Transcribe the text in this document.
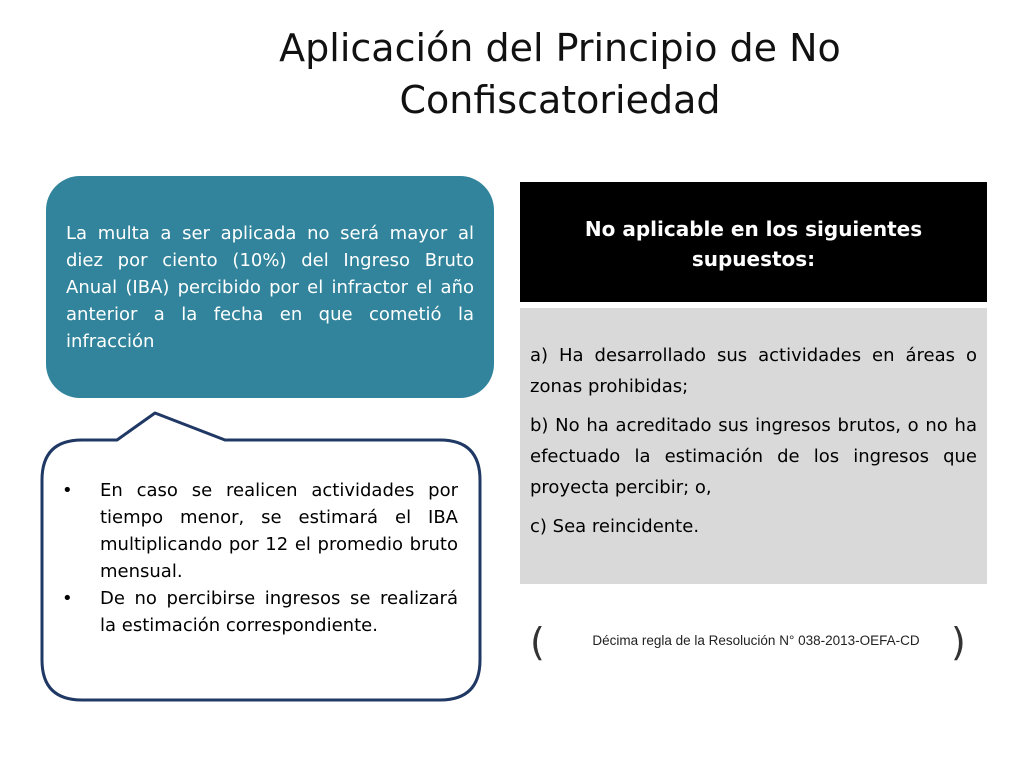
Aplicación del Principio de No
Confiscatoriedad
La multa a ser aplicada no será mayor al diez por ciento (10%) del Ingreso Bruto Anual (IBA) percibido por el infractor el año anterior a la fecha en que cometió la infracción
• En caso se realicen actividades por tiempo menor, se estimará el IBA multiplicando por 12 el promedio bruto mensual.
• De no percibirse ingresos se realizará la estimación correspondiente.
No aplicable en los siguientes supuestos:

a) Ha desarrollado sus actividades en áreas o zonas prohibidas;

b) No ha acreditado sus ingresos brutos, o no ha efectuado la estimación de los ingresos que proyecta percibir; o,

c) Sea reincidente.

(	Décima regla de la Resolución N° 038-2013-OEFA-CD )
